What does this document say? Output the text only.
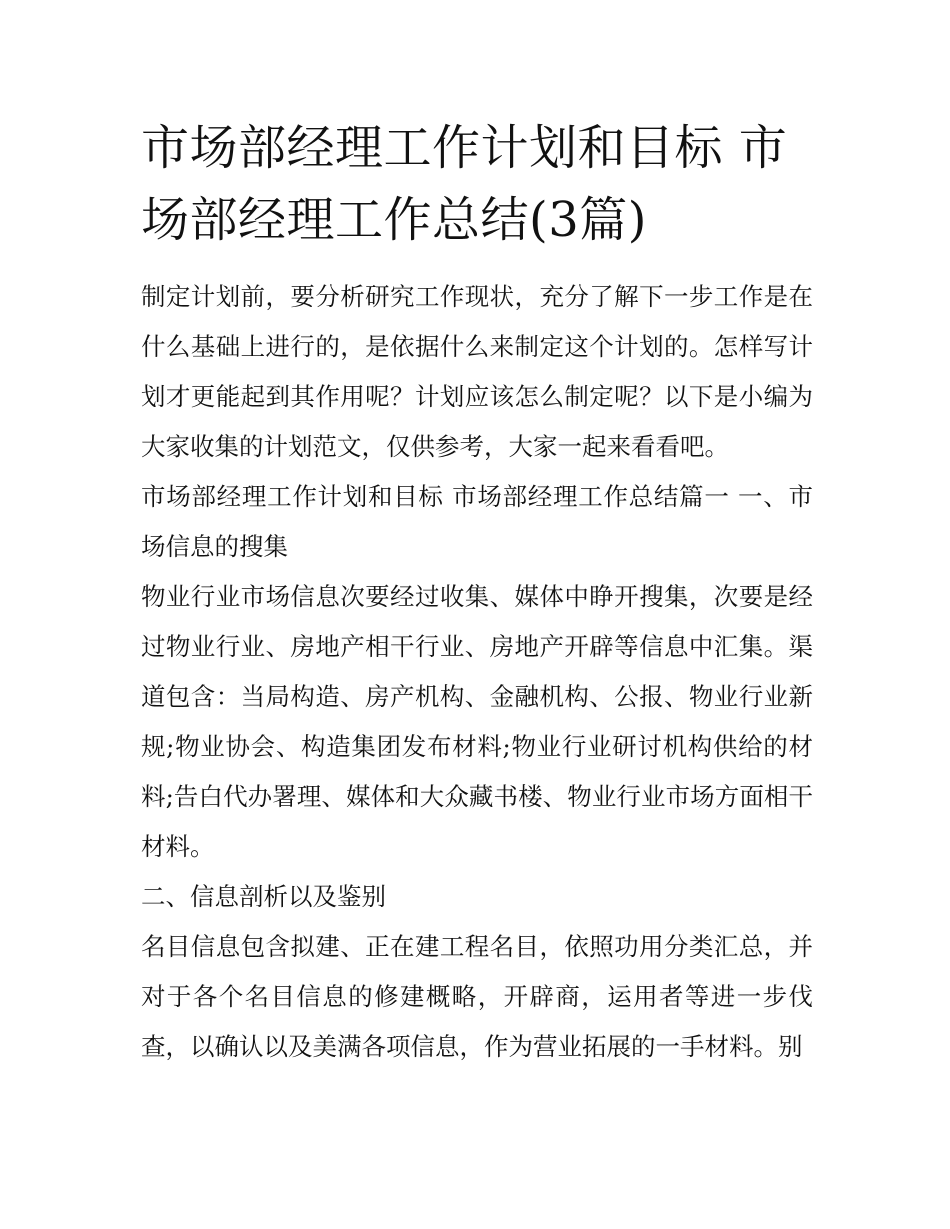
市场部经理工作计划和目标 市场部经理工作总结(3篇)

制定计划前，要分析研究工作现状，充分了解下一步工作是在什么基础上进行的，是依据什么来制定这个计划的。怎样写计划才更能起到其作用呢？计划应该怎么制定呢？以下是小编为大家收集的计划范文，仅供参考，大家一起来看看吧。

市场部经理工作计划和目标 市场部经理工作总结篇一 一、市场信息的搜集

物业行业市场信息次要经过收集、媒体中睁开搜集，次要是经过物业行业、房地产相干行业、房地产开辟等信息中汇集。渠道包含：当局构造、房产机构、金融机构、公报、物业行业新规;物业协会、构造集团发布材料;物业行业研讨机构供给的材料;告白代办署理、媒体和大众藏书楼、物业行业市场方面相干材料。

二、信息剖析以及鉴别

名目信息包含拟建、正在建工程名目，依照功用分类汇总，并对于各个名目信息的修建概略，开辟商，运用者等进一步伐查，以确认以及美满各项信息，作为营业拓展的一手材料。别
